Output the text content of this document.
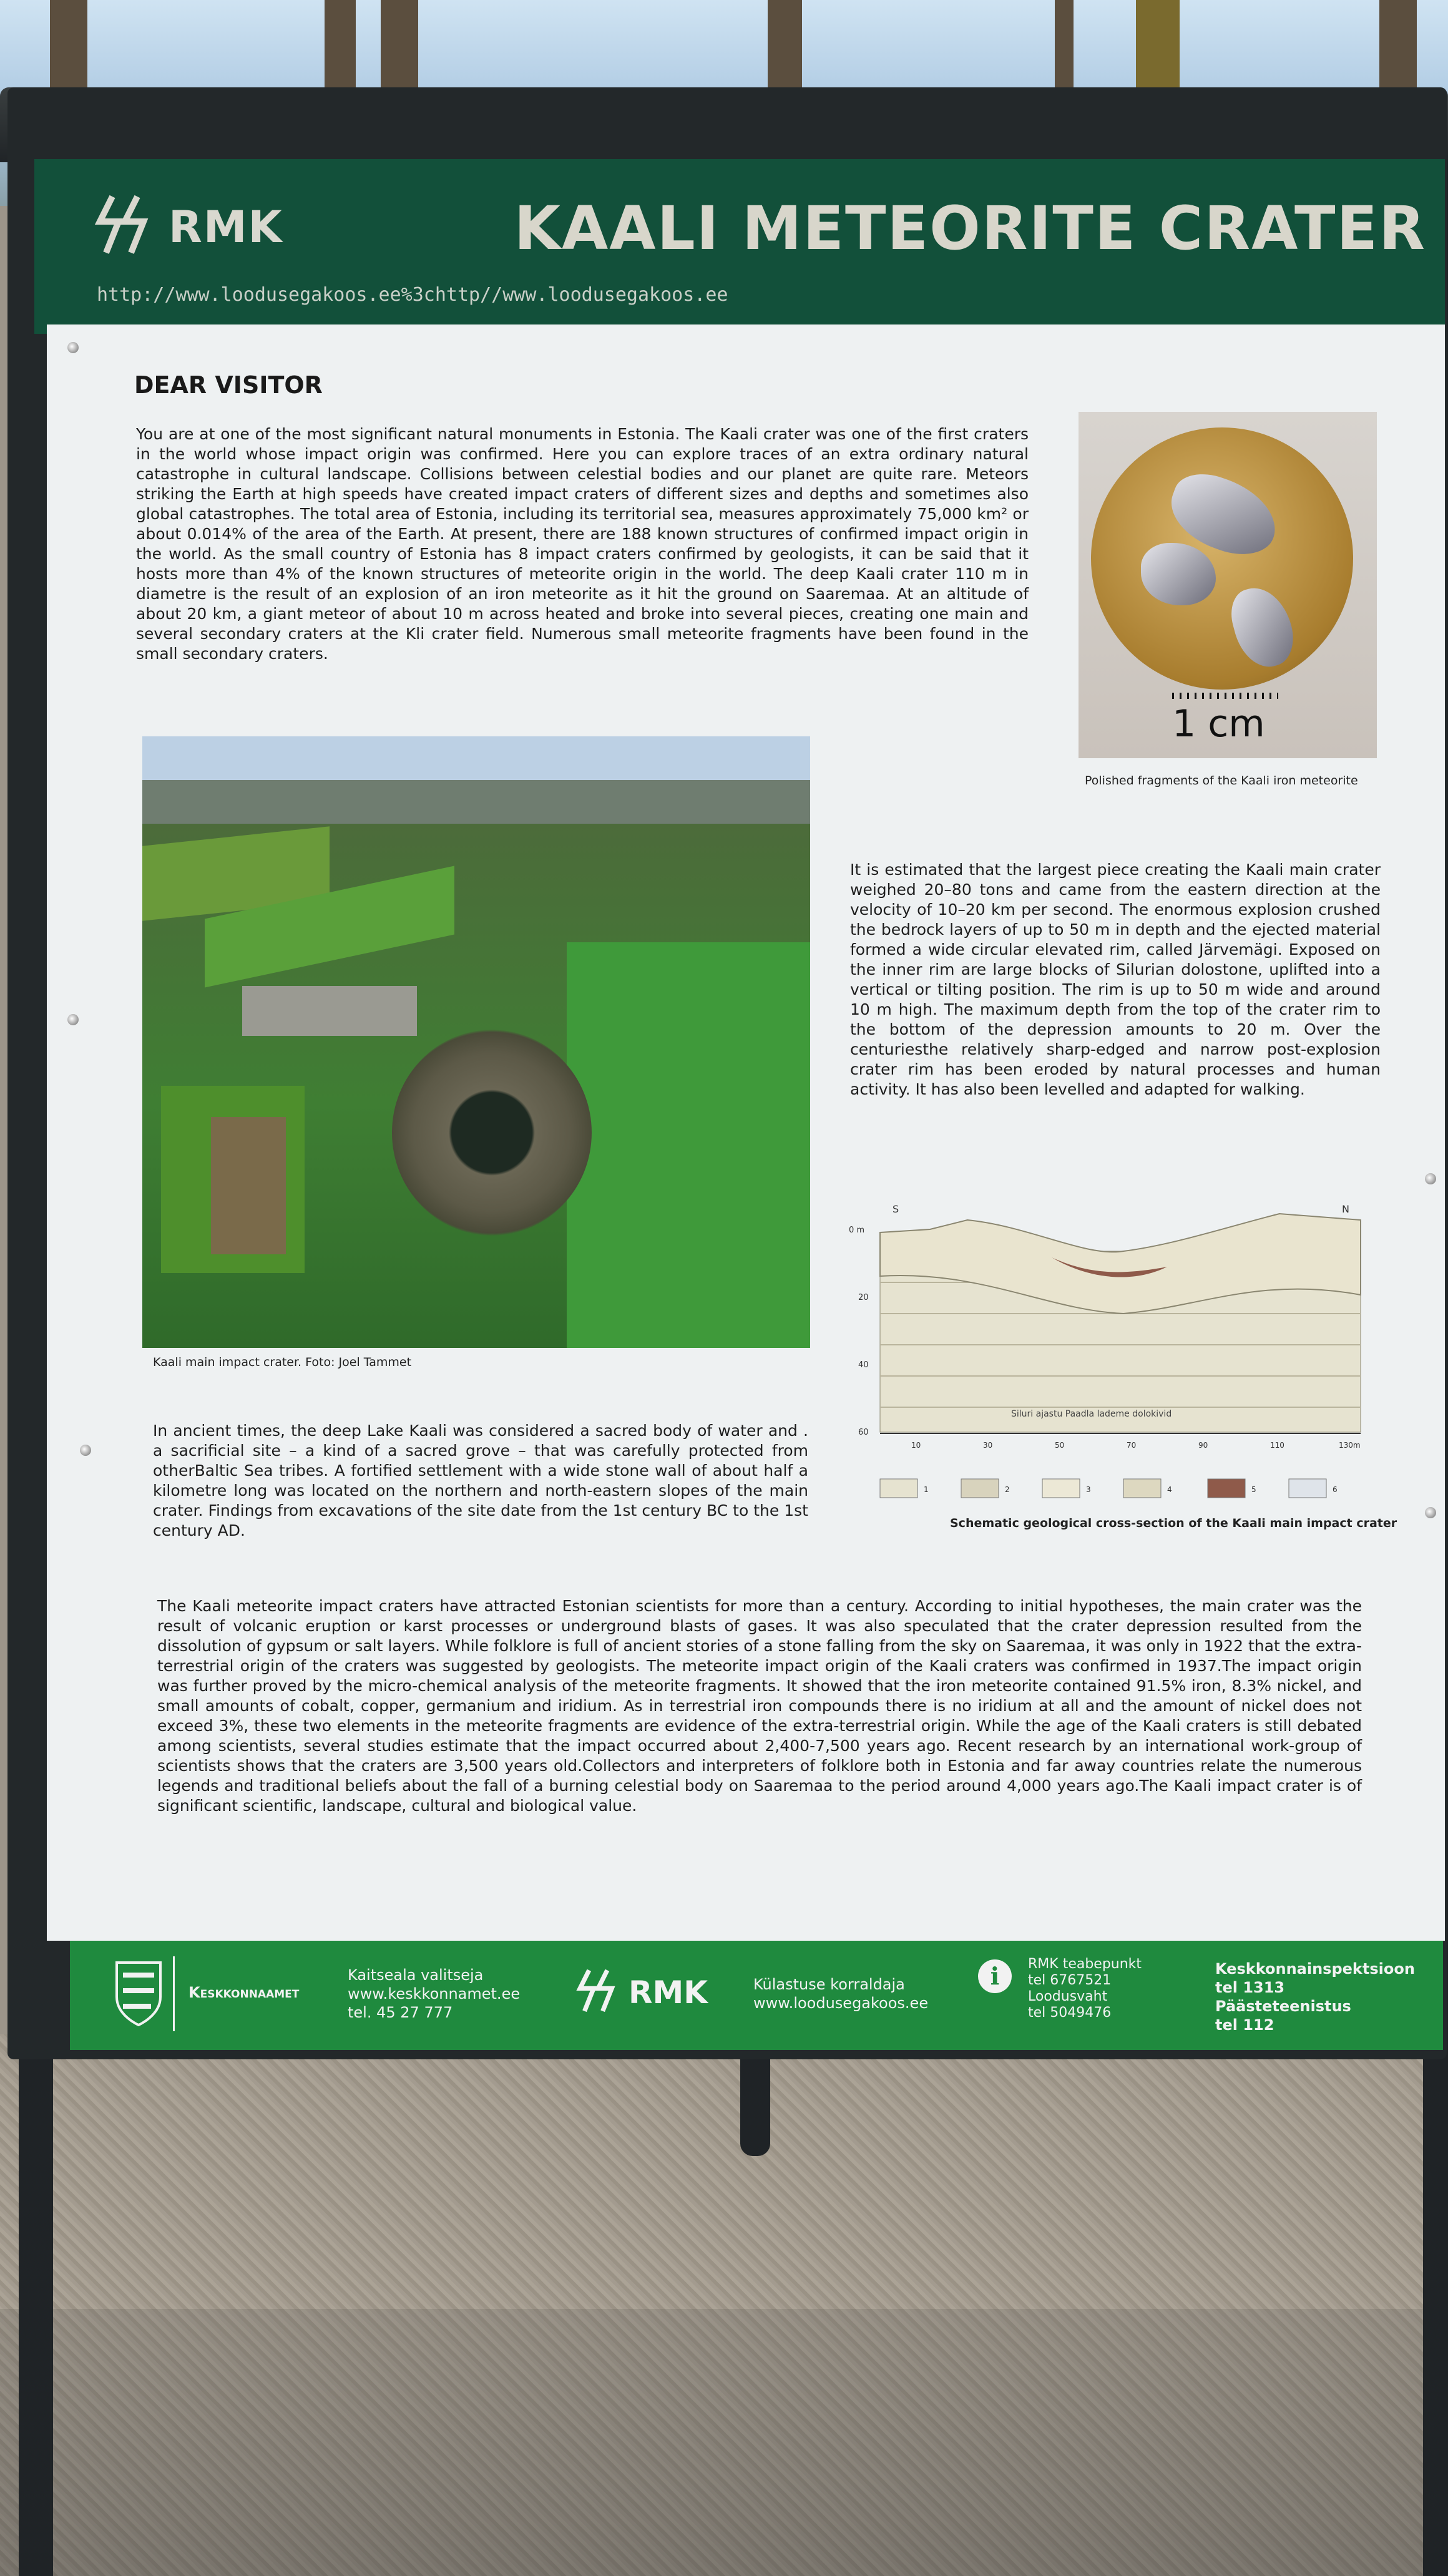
RMK	KAALI METEORITE CRATER
http://www.loodusegakoos.ee%3chttp//www.loodusegakoos.ee
DEAR VISITOR
You are at one of the most significant natural monuments in Estonia. The Kaali crater was one of the first craters in the world whose impact origin was confirmed. Here you can explore traces of an extra ordinary natural catastrophe in cultural landscape. Collisions between celestial bodies and our planet are quite rare. Meteors striking the Earth at high speeds have created impact craters of different sizes and depths and sometimes also global catastrophes. The total area of Estonia, including its territorial sea, measures approximately 75,000 km² or about 0.014% of the area of the Earth. At present, there are 188 known structures of confirmed impact origin in the world. As the small country of Estonia has 8 impact craters confirmed by geologists, it can be said that it hosts more than 4% of the known structures of meteorite origin in the world. The deep Kaali crater 110 m in diametre is the result of an explosion of an iron meteorite as it hit the ground on Saaremaa. At an altitude of about 20 km, a giant meteor of about 10 m across heated and broke into several pieces, creating one main and several secondary craters at the Kli crater field. Numerous small meteorite fragments have been found in the small secondary craters.
1 cm
Polished fragments of the Kaali iron meteorite
Kaali main impact crater. Foto: Joel Tammet
It is estimated that the largest piece creating the Kaali main crater weighed 20–80 tons and came from the eastern direction at the velocity of 10–20 km per second. The enormous explosion crushed the bedrock layers of up to 50 m in depth and the ejected material formed a wide circular elevated rim, called Järvemägi. Exposed on the inner rim are large blocks of Silurian dolostone, uplifted into a vertical or tilting position. The rim is up to 50 m wide and around 10 m high. The maximum depth from the top of the crater rim to the bottom of the depression amounts to 20 m. Over the centuriesthe relatively sharp-edged and narrow post-explosion crater rim has been eroded by natural processes and human activity. It has also been levelled and adapted for walking.
S	N
0 m
20
40
60
Siluri ajastu Paadla lademe dolokivid
10	30	50	70	90	110	130m
1	2	3	4	5	6
Schematic geological cross-section of the Kaali main impact crater
In ancient times, the deep Lake Kaali was considered a sacred body of water and . a sacrificial site – a kind of a sacred grove – that was carefully protected from otherBaltic Sea tribes. A fortified settlement with a wide stone wall of about half a kilometre long was located on the northern and north-eastern slopes of the main crater. Findings from excavations of the site date from the 1st century BC to the 1st century AD.
The Kaali meteorite impact craters have attracted Estonian scientists for more than a century. According to initial hypotheses, the main crater was the result of volcanic eruption or karst processes or underground blasts of gases. It was also speculated that the crater depression resulted from the dissolution of gypsum or salt layers. While folklore is full of ancient stories of a stone falling from the sky on Saaremaa, it was only in 1922 that the extra-terrestrial origin of the craters was suggested by geologists. The meteorite impact origin of the Kaali craters was confirmed in 1937.The impact origin was further proved by the micro-chemical analysis of the meteorite fragments. It showed that the iron meteorite contained 91.5% iron, 8.3% nickel, and small amounts of cobalt, copper, germanium and iridium. As in terrestrial iron compounds there is no iridium at all and the amount of nickel does not exceed 3%, these two elements in the meteorite fragments are evidence of the extra-terrestrial origin. While the age of the Kaali craters is still debated among scientists, several studies estimate that the impact occurred about 2,400-7,500 years ago. Recent research by an international work-group of scientists shows that the craters are 3,500 years old.Collectors and interpreters of folklore both in Estonia and far away countries relate the numerous legends and traditional beliefs about the fall of a burning celestial body on Saaremaa to the period around 4,000 years ago.The Kaali impact crater is of significant scientific, landscape, cultural and biological value.
Keskkonnaamet
Kaitseala valitseja
www.keskkonnamet.ee
tel. 45 27 777
RMK	Külastuse korraldaja
www.loodusegakoos.ee
i	RMK teabepunkt
tel 6767521
Loodusvaht
tel 5049476
Keskkonnainspektsioon
tel 1313
Päästeteenistus
tel 112
